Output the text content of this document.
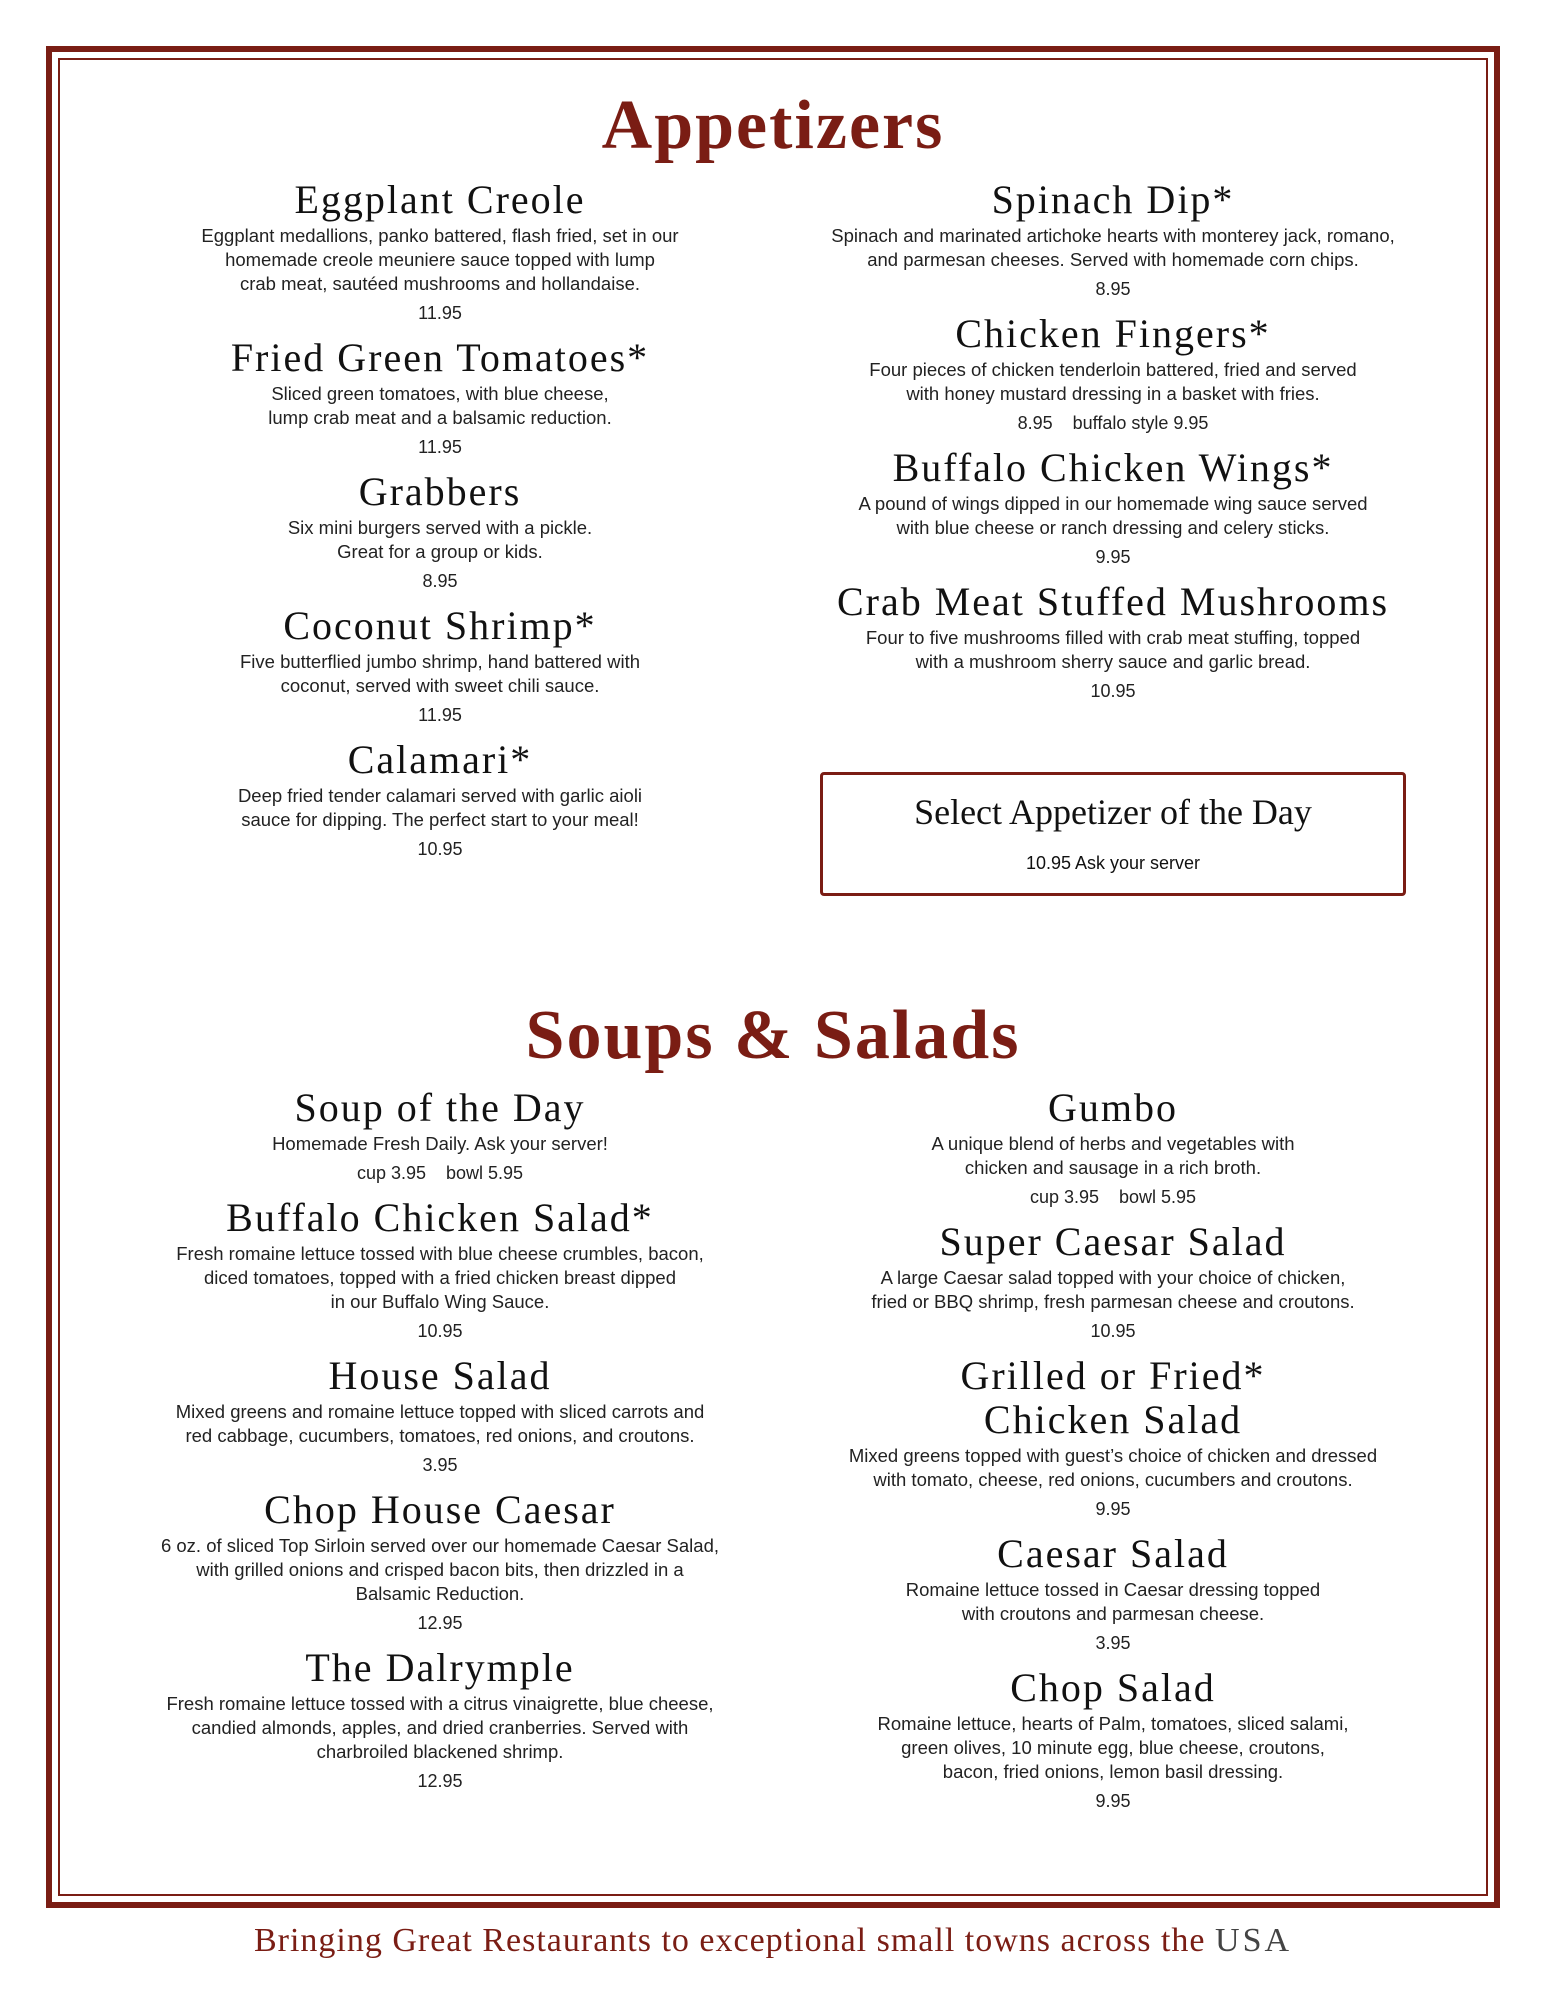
Appetizers
Eggplant Creole
Eggplant medallions, panko battered, flash fried, set in our
homemade creole meuniere sauce topped with lump
crab meat, sautéed mushrooms and hollandaise.
11.95
Fried Green Tomatoes*
Sliced green tomatoes, with blue cheese,
lump crab meat and a balsamic reduction.
11.95
Grabbers
Six mini burgers served with a pickle.
Great for a group or kids.
8.95
Coconut Shrimp*
Five butterflied jumbo shrimp, hand battered with
coconut, served with sweet chili sauce.
11.95
Calamari*
Deep fried tender calamari served with garlic aioli
sauce for dipping. The perfect start to your meal!
10.95
Spinach Dip*
Spinach and marinated artichoke hearts with monterey jack, romano,
and parmesan cheeses. Served with homemade corn chips.
8.95
Chicken Fingers*
Four pieces of chicken tenderloin battered, fried and served
with honey mustard dressing in a basket with fries.
8.95    buffalo style 9.95
Buffalo Chicken Wings*
A pound of wings dipped in our homemade wing sauce served
with blue cheese or ranch dressing and celery sticks.
9.95
Crab Meat Stuffed Mushrooms
Four to five mushrooms filled with crab meat stuffing, topped
with a mushroom sherry sauce and garlic bread.
10.95
Select Appetizer of the Day
10.95 Ask your server
Soups & Salads
Soup of the Day
Homemade Fresh Daily. Ask your server!
cup 3.95    bowl 5.95
Buffalo Chicken Salad*
Fresh romaine lettuce tossed with blue cheese crumbles, bacon,
diced tomatoes, topped with a fried chicken breast dipped
in our Buffalo Wing Sauce.
10.95
House Salad
Mixed greens and romaine lettuce topped with sliced carrots and
red cabbage, cucumbers, tomatoes, red onions, and croutons.
3.95
Chop House Caesar
6 oz. of sliced Top Sirloin served over our homemade Caesar Salad,
with grilled onions and crisped bacon bits, then drizzled in a
Balsamic Reduction.
12.95
The Dalrymple
Fresh romaine lettuce tossed with a citrus vinaigrette, blue cheese,
candied almonds, apples, and dried cranberries. Served with
charbroiled blackened shrimp.
12.95
Gumbo
A unique blend of herbs and vegetables with
chicken and sausage in a rich broth.
cup 3.95    bowl 5.95
Super Caesar Salad
A large Caesar salad topped with your choice of chicken,
fried or BBQ shrimp, fresh parmesan cheese and croutons.
10.95
Grilled or Fried*
Chicken Salad
Mixed greens topped with guest’s choice of chicken and dressed
with tomato, cheese, red onions, cucumbers and croutons.
9.95
Caesar Salad
Romaine lettuce tossed in Caesar dressing topped
with croutons and parmesan cheese.
3.95
Chop Salad
Romaine lettuce, hearts of Palm, tomatoes, sliced salami,
green olives, 10 minute egg, blue cheese, croutons,
bacon, fried onions, lemon basil dressing.
9.95
Bringing Great Restaurants to exceptional small towns across the USA
